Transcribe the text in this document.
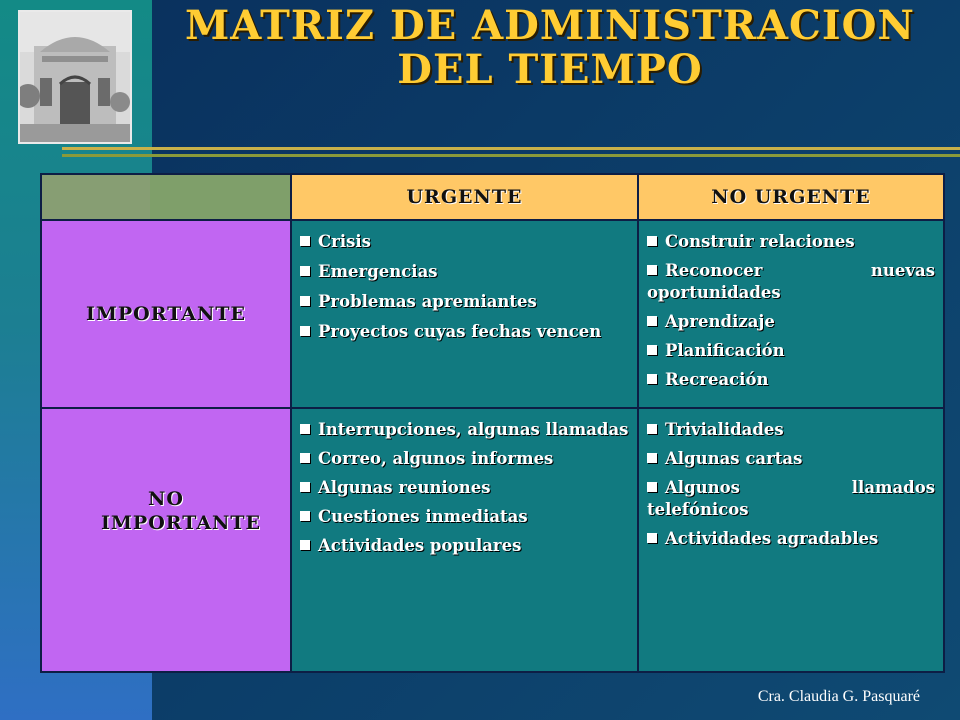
MATRIZ DE ADMINISTRACION DEL TIEMPO
URGENTE	NO URGENTE
IMPORTANTE
NO IMPORTANTE
Crisis
Emergencias
Problemas apremiantes
Proyectos cuyas fechas vencen
Construir relaciones
Reconocer nuevas oportunidades
Aprendizaje
Planificación
Recreación
Interrupciones, algunas llamadas
Correo, algunos informes
Algunas reuniones
Cuestiones inmediatas
Actividades populares
Trivialidades
Algunas cartas
Algunos llamados telefónicos
Actividades agradables
Cra. Claudia G. Pasquaré
